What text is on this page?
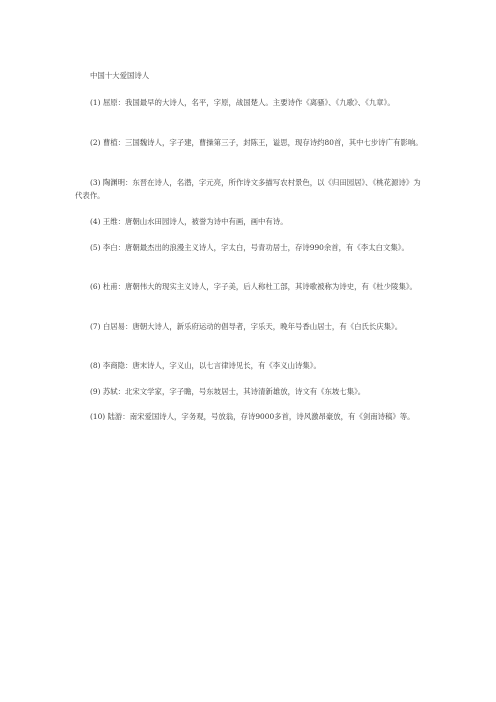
中国十大爱国诗人

(1) 屈原：我国最早的大诗人，名平，字原，战国楚人。主要诗作《离骚》、《九歌》、《九章》。

(2) 曹植：三国魏诗人，字子建，曹操第三子，封陈王，谥思，现存诗约80首，其中七步诗广有影响。

(3) 陶渊明：东晋在诗人，名潜，字元亮，所作诗文多描写农村景色，以《归田园居》、《桃花源诗》为代表作。

(4) 王维：唐朝山水田园诗人，被誉为诗中有画，画中有诗。

(5) 李白：唐朝最杰出的浪漫主义诗人，字太白，号青功居士，存诗990余首，有《李太白文集》。

(6) 杜甫：唐朝伟大的现实主义诗人，字子美，后人称杜工部，其诗歌被称为诗史，有《杜少陵集》。

(7) 白居易：唐朝大诗人，新乐府运动的倡导者，字乐天，晚年号香山居士，有《白氏长庆集》。

(8) 李商隐：唐末诗人，字义山，以七言律诗见长，有《李义山诗集》。

(9) 苏轼：北宋文学家，字子瞻，号东坡居士，其诗清新雄放，诗文有《东坡七集》。

(10) 陆游：南宋爱国诗人，字务观，号放翁，存诗9000多首，诗风激昂豪放，有《剑南诗稿》等。
